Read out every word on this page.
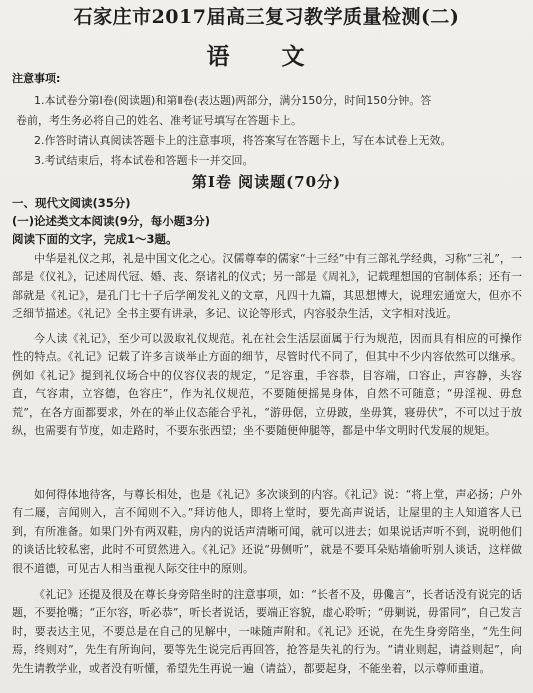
石家庄市2017届高三复习教学质量检测(二)
语 文
注意事项:
1.本试卷分第Ⅰ卷(阅读题)和第Ⅱ卷(表达题)两部分，满分150分，时间150分钟。答
卷前，考生务必将自己的姓名、准考证号填写在答题卡上。
2.作答时请认真阅读答题卡上的注意事项，将答案写在答题卡上，写在本试卷上无效。
3.考试结束后，将本试卷和答题卡一并交回。
第Ⅰ卷 阅读题(70分)
一、现代文阅读(35分)
(一)论述类文本阅读(9分，每小题3分)
阅读下面的文字，完成1～3题。
中华是礼仪之邦，礼是中国文化之心。汉儒尊奉的儒家“十三经”中有三部礼学经典，习称“三礼”，一部是《仪礼》，记述周代冠、婚、丧、祭诸礼的仪式；另一部是《周礼》，记载理想国的官制体系；还有一部就是《礼记》，是孔门七十子后学阐发礼义的文章，凡四十九篇，其思想博大，说理宏通宽大，但亦不乏细节描述。《礼记》全书主要有讲录，多记、议论等形式，内容驳杂生活，文字相对浅近。
今人读《礼记》，至少可以汲取礼仪规范。礼在社会生活层面属于行为规范，因而具有相应的可操作性的特点。《礼记》记载了许多言谈举止方面的细节，尽管时代不同了，但其中不少内容依然可以继承。例如《礼记》提到礼仪场合中的仪容仪表的规定，“足容重，手容恭，目容端，口容止，声容静，头容直，气容肃，立容德，色容庄”，作为礼仪规范，不要随便摇晃身体，自然不可随意；“毋淫视、毋怠荒”，在各方面都要求，外在的举止仪态能合乎礼，“游毋倨，立毋跛，坐毋箕，寝毋伏”，不可以过于放纵，也需要有节度，如走路时，不要东张西望；坐不要随便伸腿等，都是中华文明时代发展的规矩。
如何得体地待客，与尊长相处，也是《礼记》多次谈到的内容。《礼记》说：“将上堂，声必扬；户外有二屦，言闻则入，言不闻则不入。”拜访他人，即将上堂时，要先高声说话，让屋里的主人知道客人已到，有所准备。如果门外有两双鞋，房内的说话声清晰可闻，就可以进去；如果说话声听不到，说明他们的谈话比较私密，此时不可贸然进入。《礼记》还说“毋侧听”，就是不要耳朵贴墙偷听别人谈话，这样做很不道德，可见古人相当重视人际交往中的原则。
《礼记》还提及很及在尊长身旁陪坐时的注意事项，如：“长者不及，毋儳言”，长者话没有说完的话题，不要抢嘴；“正尔容，听必恭”，听长者说话，要端正容貌，虚心聆听；“毋剿说，毋雷同”，自己发言时，要表达主见，不要总是在自己的见解中，一味随声附和。《礼记》还说，在先生身旁陪坐，“先生问焉，终则对”，先生有所询问，要等先生说完后再回答，抢答是失礼的行为。“请业则起，请益则起”，向先生请教学业，或者没有听懂，希望先生再说一遍（请益），都要起身，不能坐着，以示尊师重道。
